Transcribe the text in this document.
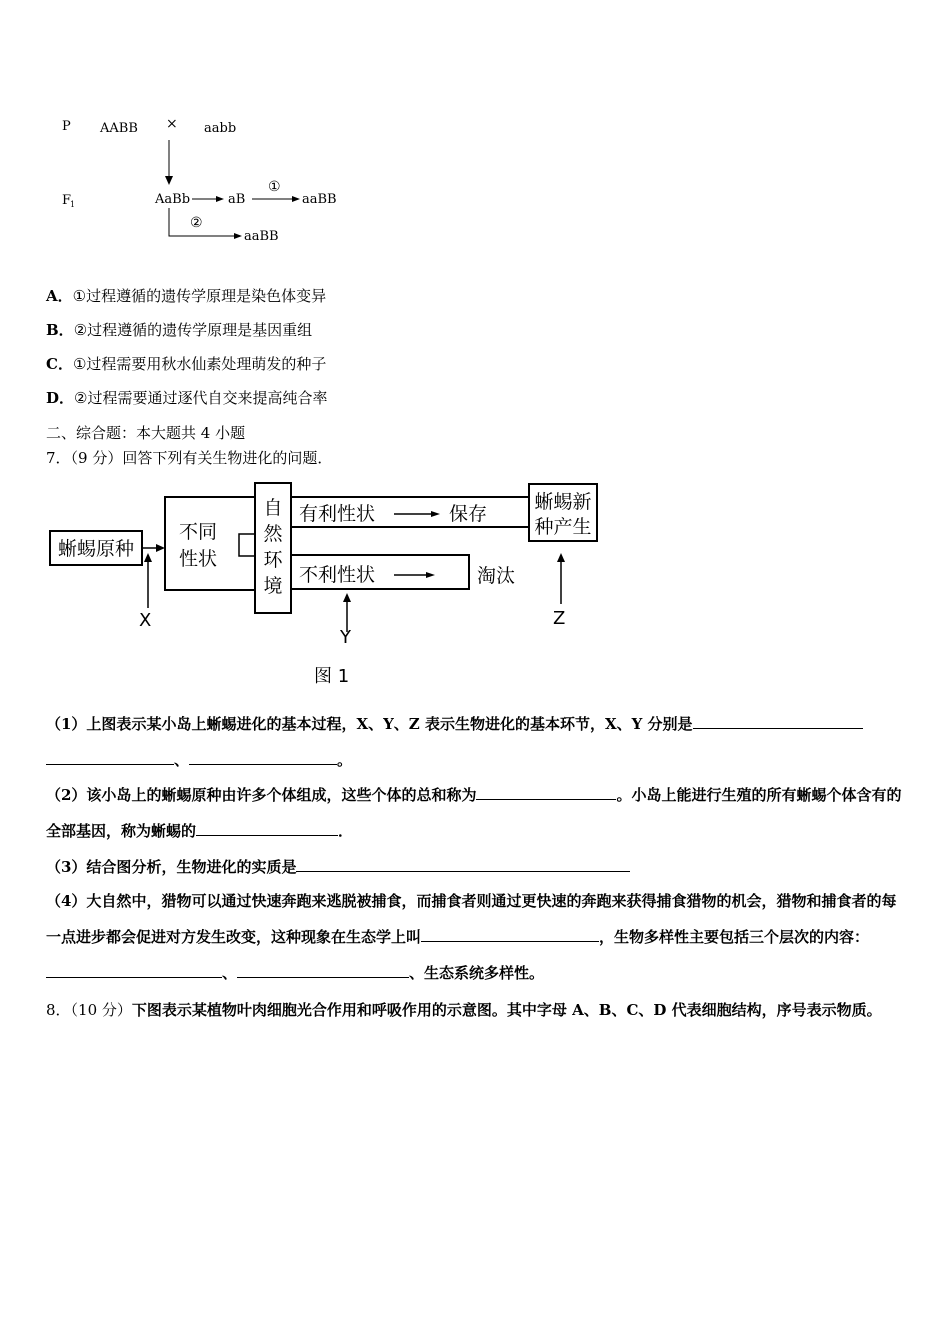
P AABB × aabb
F
1	AaBb	aB
①
aaBB
②
aaBB
A．①过程遵循的遗传学原理是染色体变异
B．②过程遵循的遗传学原理是基因重组
C．①过程需要用秋水仙素处理萌发的种子
D．②过程需要通过逐代自交来提高纯合率
二、综合题：本大题共 4 小题
7．（9 分）回答下列有关生物进化的问题．
蜥蜴原种
X
不同
性状
自
然
环
境
有利性状	保存
蜥蜴新
种产生
Z
不利性状	淘汰
Y
图 1
（1）上图表示某小岛上蜥蜴进化的基本过程，X、Y、Z 表示生物进化的基本环节，X、Y 分别是
、	。
（2）该小岛上的蜥蜴原种由许多个体组成，这些个体的总和称为	。小岛上能进行生殖的所有蜥蜴个体含有的全部基因，称为蜥蜴的	．
（3）结合图分析，生物进化的实质是
（4）大自然中，猎物可以通过快速奔跑来逃脱被捕食，而捕食者则通过更快速的奔跑来获得捕食猎物的机会，猎物和捕食者的每一点进步都会促进对方发生改变，这种现象在生态学上叫	，生物多样性主要包括三个层次的内容：、	、生态系统多样性。
8．（10 分）下图表示某植物叶肉细胞光合作用和呼吸作用的示意图。其中字母 A、B、C、D 代表细胞结构，序号表示物质。
